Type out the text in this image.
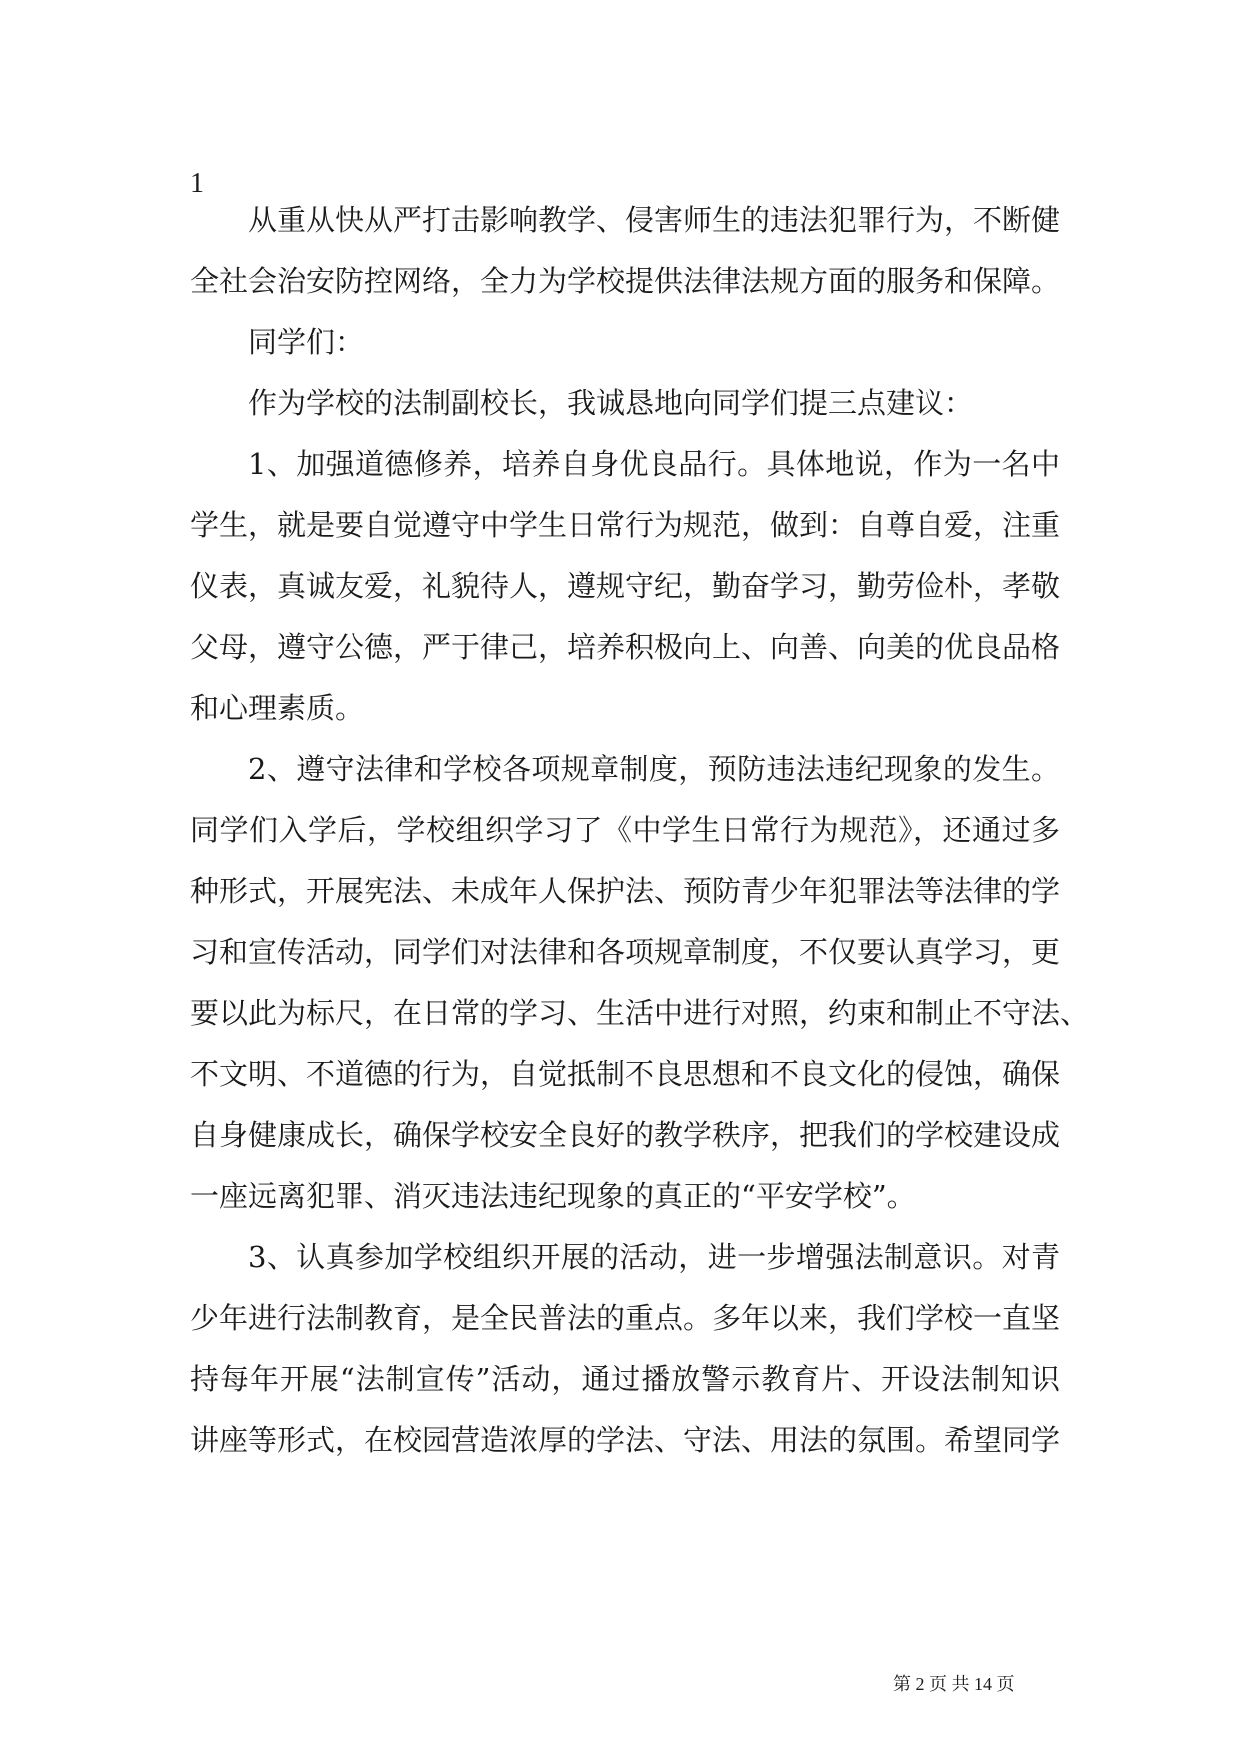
1
从重从快从严打击影响教学、侵害师生的违法犯罪行为，不断健
全社会治安防控网络，全力为学校提供法律法规方面的服务和保障。
同学们：
作为学校的法制副校长，我诚恳地向同学们提三点建议：
1、加强道德修养，培养自身优良品行。具体地说，作为一名中
学生，就是要自觉遵守中学生日常行为规范，做到：自尊自爱，注重
仪表，真诚友爱，礼貌待人，遵规守纪，勤奋学习，勤劳俭朴，孝敬
父母，遵守公德，严于律己，培养积极向上、向善、向美的优良品格
和心理素质。
2、遵守法律和学校各项规章制度，预防违法违纪现象的发生。
同学们入学后，学校组织学习了《中学生日常行为规范》，还通过多
种形式，开展宪法、未成年人保护法、预防青少年犯罪法等法律的学
习和宣传活动，同学们对法律和各项规章制度，不仅要认真学习，更
要以此为标尺，在日常的学习、生活中进行对照，约束和制止不守法、
不文明、不道德的行为，自觉抵制不良思想和不良文化的侵蚀，确保
自身健康成长，确保学校安全良好的教学秩序，把我们的学校建设成
一座远离犯罪、消灭违法违纪现象的真正的“平安学校”。
3、认真参加学校组织开展的活动，进一步增强法制意识。对青
少年进行法制教育，是全民普法的重点。多年以来，我们学校一直坚
持每年开展“法制宣传”活动，通过播放警示教育片、开设法制知识
讲座等形式，在校园营造浓厚的学法、守法、用法的氛围。希望同学
第 2 页 共 14 页
